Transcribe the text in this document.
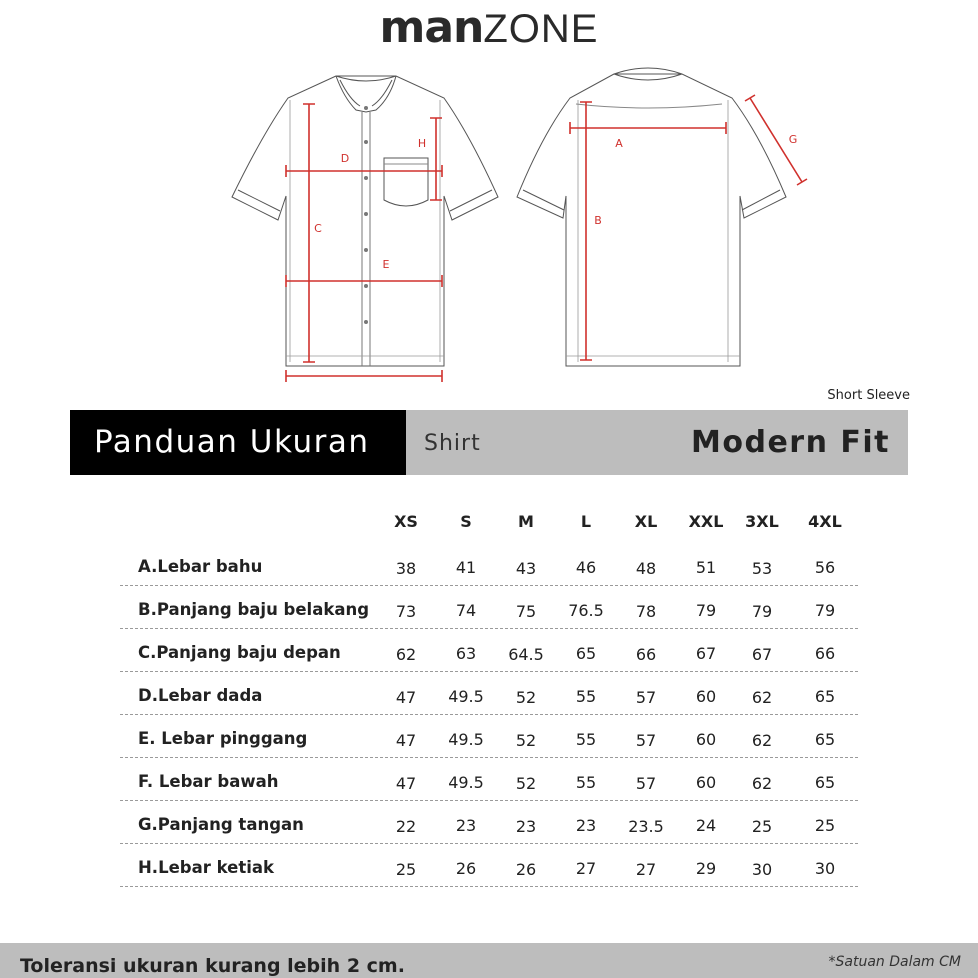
manZONE
D
H
C
E
A
B
G
Short Sleeve
Panduan Ukuran	Shirt	Modern Fit
XS	S	M	L	XL	XXL	3XL	4XL
A.Lebar bahu	38	41	43	46	48	51	53	56
B.Panjang baju belakang	73	74	75	76.5	78	79	79	79
C.Panjang baju depan	62	63	64.5	65	66	67	67	66
D.Lebar dada	47	49.5	52	55	57	60	62	65
E. Lebar pinggang	47	49.5	52	55	57	60	62	65
F. Lebar bawah	47	49.5	52	55	57	60	62	65
G.Panjang tangan	22	23	23	23	23.5	24	25	25
H.Lebar ketiak	25	26	26	27	27	29	30	30
Toleransi ukuran kurang lebih 2 cm.	*Satuan Dalam CM
